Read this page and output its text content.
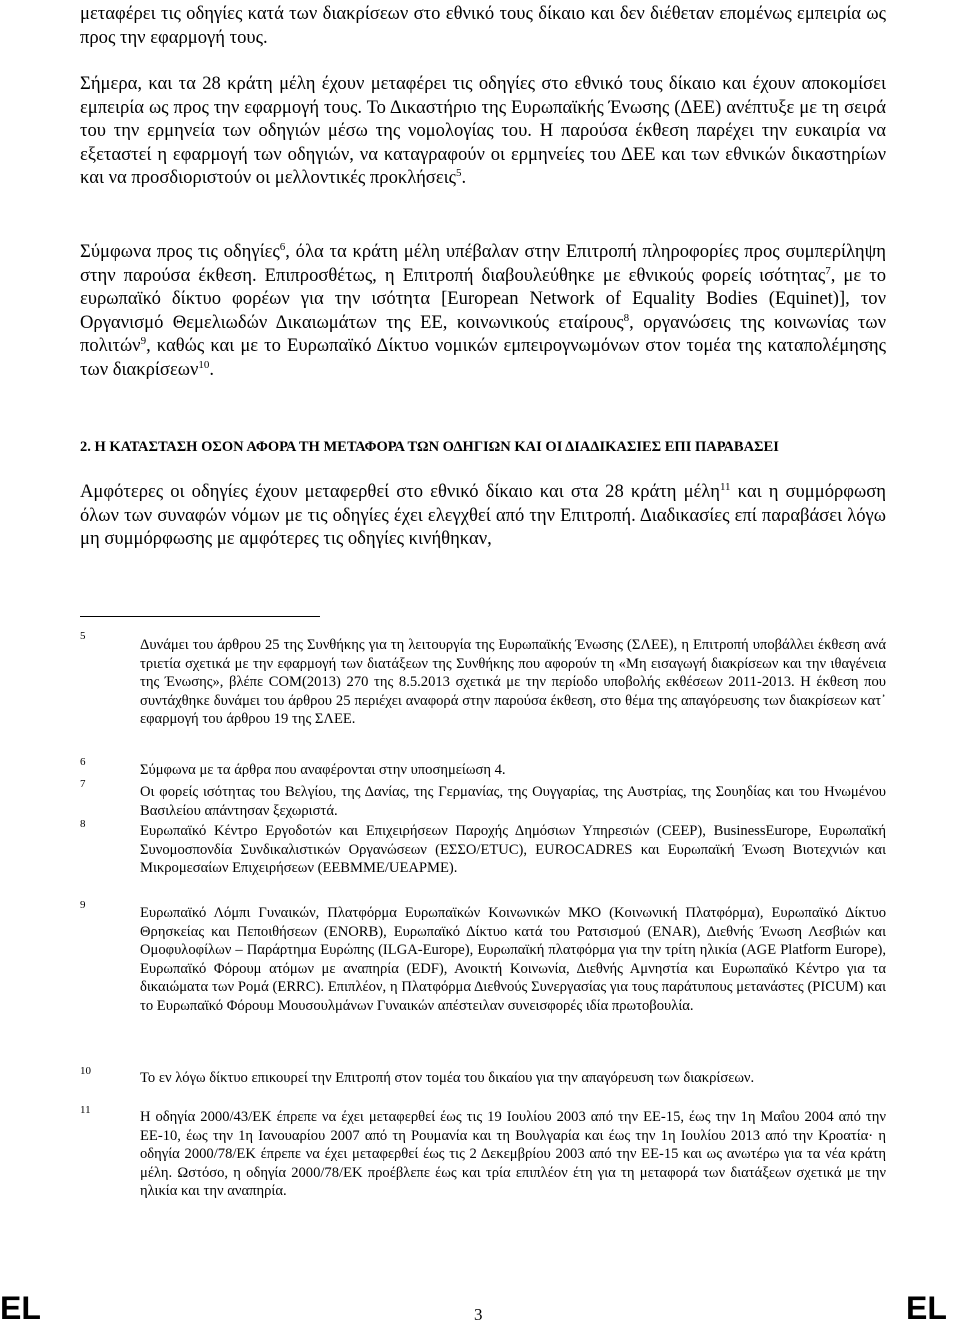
μεταφέρει τις οδηγίες κατά των διακρίσεων στο εθνικό τους δίκαιο και δεν διέθεταν επομένως εμπειρία ως προς την εφαρμογή τους.

Σήμερα, και τα 28 κράτη μέλη έχουν μεταφέρει τις οδηγίες στο εθνικό τους δίκαιο και έχουν αποκομίσει εμπειρία ως προς την εφαρμογή τους. Το Δικαστήριο της Ευρωπαϊκής Ένωσης (ΔΕΕ) ανέπτυξε με τη σειρά του την ερμηνεία των οδηγιών μέσω της νομολογίας του. Η παρούσα έκθεση παρέχει την ευκαιρία να εξεταστεί η εφαρμογή των οδηγιών, να καταγραφούν οι ερμηνείες του ΔΕΕ και των εθνικών δικαστηρίων και να προσδιοριστούν οι μελλοντικές προκλήσεις$^5$.

Σύμφωνα προς τις οδηγίες$^6$, όλα τα κράτη μέλη υπέβαλαν στην Επιτροπή πληροφορίες προς συμπερίληψη στην παρούσα έκθεση. Επιπροσθέτως, η Επιτροπή διαβουλεύθηκε με εθνικούς φορείς ισότητας$^7$, με το ευρωπαϊκό δίκτυο φορέων για την ισότητα [European Network of Equality Bodies (Equinet)], τον Οργανισμό Θεμελιωδών Δικαιωμάτων της ΕΕ, κοινωνικούς εταίρους$^8$, οργανώσεις της κοινωνίας των πολιτών$^9$, καθώς και με το Ευρωπαϊκό Δίκτυο νομικών εμπειρογνωμόνων στον τομέα της καταπολέμησης των διακρίσεων$^{10}$.

Αμφότερες οι οδηγίες έχουν μεταφερθεί στο εθνικό δίκαιο και στα 28 κράτη μέλη$^{11}$ και η συμμόρφωση όλων των συναφών νόμων με τις οδηγίες έχει ελεγχθεί από την Επιτροπή. Διαδικασίες επί παραβάσει λόγω μη συμμόρφωσης με αμφότερες τις οδηγίες κινήθηκαν,

2. Η ΚΑΤΑΣΤΑΣΗ ΟΣΟΝ ΑΦΟΡΑ ΤΗ ΜΕΤΑΦΟΡΑ ΤΩΝ ΟΔΗΓΙΩΝ ΚΑΙ ΟΙ ΔΙΑΔΙΚΑΣΙΕΣ ΕΠΙ ΠΑΡΑΒΑΣΕΙ
5
Δυνάμει του άρθρου 25 της Συνθήκης για τη λειτουργία της Ευρωπαϊκής Ένωσης (ΣΛΕΕ), η Επιτροπή υποβάλλει έκθεση ανά τριετία σχετικά με την εφαρμογή των διατάξεων της Συνθήκης που αφορούν τη «Μη εισαγωγή διακρίσεων και την ιθαγένεια της Ένωσης», βλέπε COM(2013) 270 της 8.5.2013 σχετικά με την περίοδο υποβολής εκθέσεων 2011-2013. Η έκθεση που συντάχθηκε δυνάμει του άρθρου 25 περιέχει αναφορά στην παρούσα έκθεση, στο θέμα της απαγόρευσης των διακρίσεων κατ᾽ εφαρμογή του άρθρου 19 της ΣΛΕΕ.
6	Σύμφωνα με τα άρθρα που αναφέρονται στην υποσημείωση 4.
7	Οι φορείς ισότητας του Βελγίου, της Δανίας, της Γερμανίας, της Ουγγαρίας, της Αυστρίας, της Σουηδίας και του Ηνωμένου Βασιλείου απάντησαν ξεχωριστά.
8	Ευρωπαϊκό Κέντρο Εργοδοτών και Επιχειρήσεων Παροχής Δημόσιων Υπηρεσιών (CEEP), BusinessEurope, Ευρωπαϊκή Συνομοσπονδία Συνδικαλιστικών Οργανώσεων (ΕΣΣΟ/ETUC), EUROCADRES και Ευρωπαϊκή Ένωση Βιοτεχνιών και Μικρομεσαίων Επιχειρήσεων (ΕΕΒΜΜΕ/UEAPME).
9	Ευρωπαϊκό Λόμπι Γυναικών, Πλατφόρμα Ευρωπαϊκών Κοινωνικών ΜΚΟ (Κοινωνική Πλατφόρμα), Ευρωπαϊκό Δίκτυο Θρησκείας και Πεποιθήσεων (ENORB), Ευρωπαϊκό Δίκτυο κατά του Ρατσισμού (ENAR), Διεθνής Ένωση Λεσβιών και Ομοφυλοφίλων – Παράρτημα Ευρώπης (ILGA-Europe), Ευρωπαϊκή πλατφόρμα για την τρίτη ηλικία (AGE Platform Europe), Ευρωπαϊκό Φόρουμ ατόμων με αναπηρία (EDF), Ανοικτή Κοινωνία, Διεθνής Αμνηστία και Ευρωπαϊκό Κέντρο για τα δικαιώματα των Ρομά (ERRC). Επιπλέον, η Πλατφόρμα Διεθνούς Συνεργασίας για τους παράτυπους μετανάστες (PICUM) και το Ευρωπαϊκό Φόρουμ Μουσουλμάνων Γυναικών απέστειλαν συνεισφορές ιδία πρωτοβουλία.
10	Το εν λόγω δίκτυο επικουρεί την Επιτροπή στον τομέα του δικαίου για την απαγόρευση των διακρίσεων.
11	Η οδηγία 2000/43/ΕΚ έπρεπε να έχει μεταφερθεί έως τις 19 Ιουλίου 2003 από την ΕΕ-15, έως την 1η Μαΐου 2004 από την ΕΕ-10, έως την 1η Ιανουαρίου 2007 από τη Ρουμανία και τη Βουλγαρία και έως την 1η Ιουλίου 2013 από την Κροατία· η οδηγία 2000/78/ΕΚ έπρεπε να έχει μεταφερθεί έως τις 2 Δεκεμβρίου 2003 από την ΕΕ-15 και ως ανωτέρω για τα νέα κράτη μέλη. Ωστόσο, η οδηγία 2000/78/ΕΚ προέβλεπε έως και τρία επιπλέον έτη για τη μεταφορά των διατάξεων σχετικά με την ηλικία και την αναπηρία.
EL	3	EL
